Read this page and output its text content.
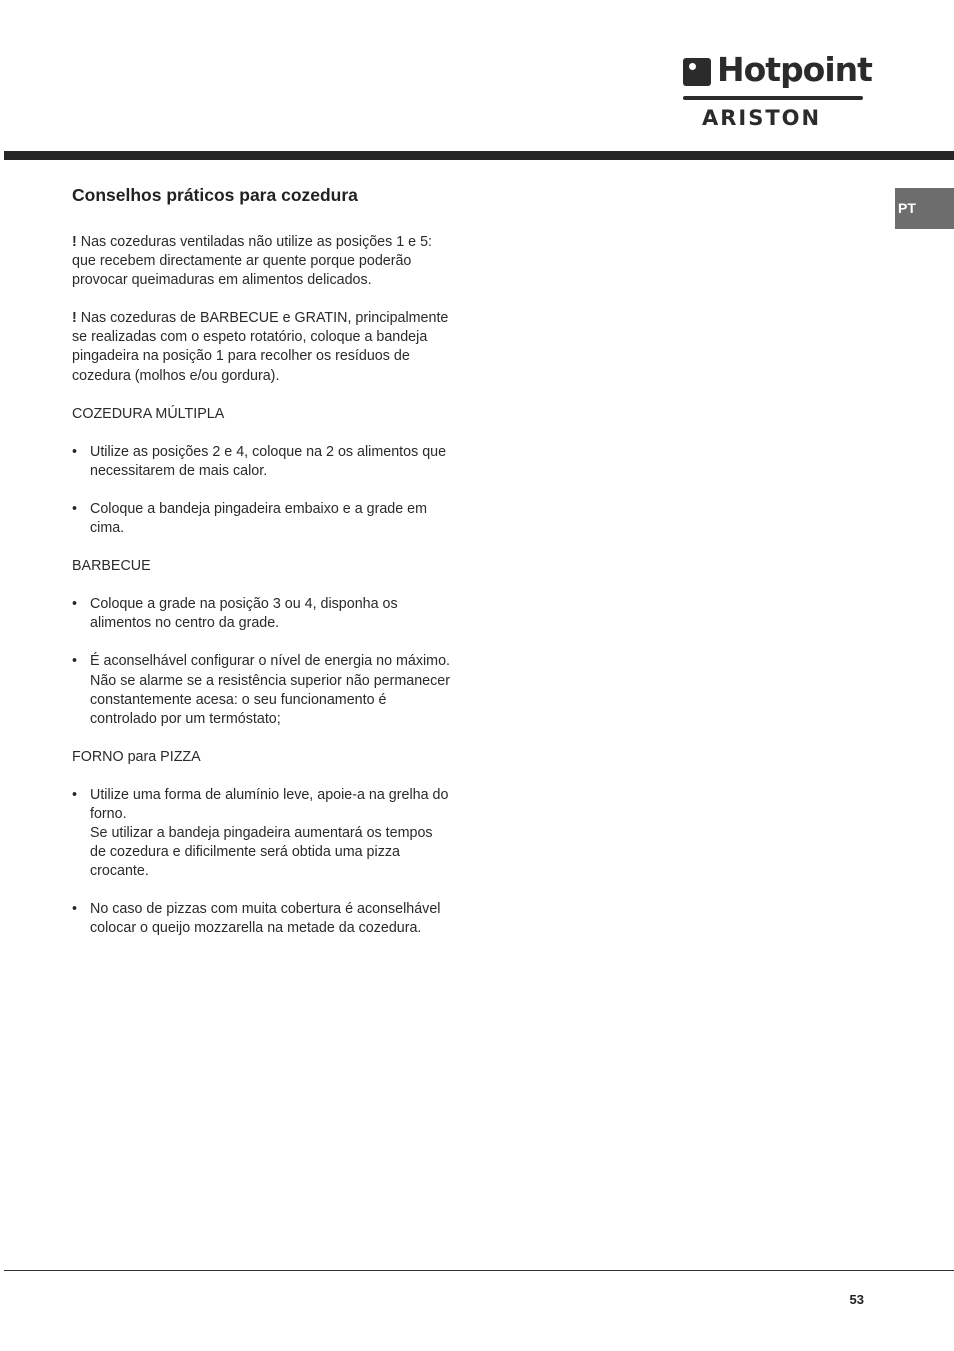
Hotpoint
ARISTON
PT
Conselhos práticos para cozedura

! Nas cozeduras ventiladas não utilize as posições 1 e 5: que recebem directamente ar quente porque poderão provocar queimaduras em alimentos delicados.

! Nas cozeduras de BARBECUE e GRATIN, principalmente se realizadas com o espeto rotatório, coloque a bandeja pingadeira na posição 1 para recolher os resíduos de cozedura (molhos e/ou gordura).

COZEDURA MÚLTIPLA
• Utilize as posições 2 e 4, coloque na 2 os alimentos que necessitarem de mais calor.
• Coloque a bandeja pingadeira embaixo e a grade em cima.
BARBECUE
• Coloque a grade na posição 3 ou 4, disponha os alimentos no centro da grade.
• É aconselhável configurar o nível de energia no máximo. Não se alarme se a resistência superior não permanecer constantemente acesa: o seu funcionamento é controlado por um termóstato;
FORNO para PIZZA
• Utilize uma forma de alumínio leve, apoie-a na grelha do forno.
Se utilizar a bandeja pingadeira aumentará os tempos de cozedura e dificilmente será obtida uma pizza crocante.
• No caso de pizzas com muita cobertura é aconselhável colocar o queijo mozzarella na metade da cozedura.
53
